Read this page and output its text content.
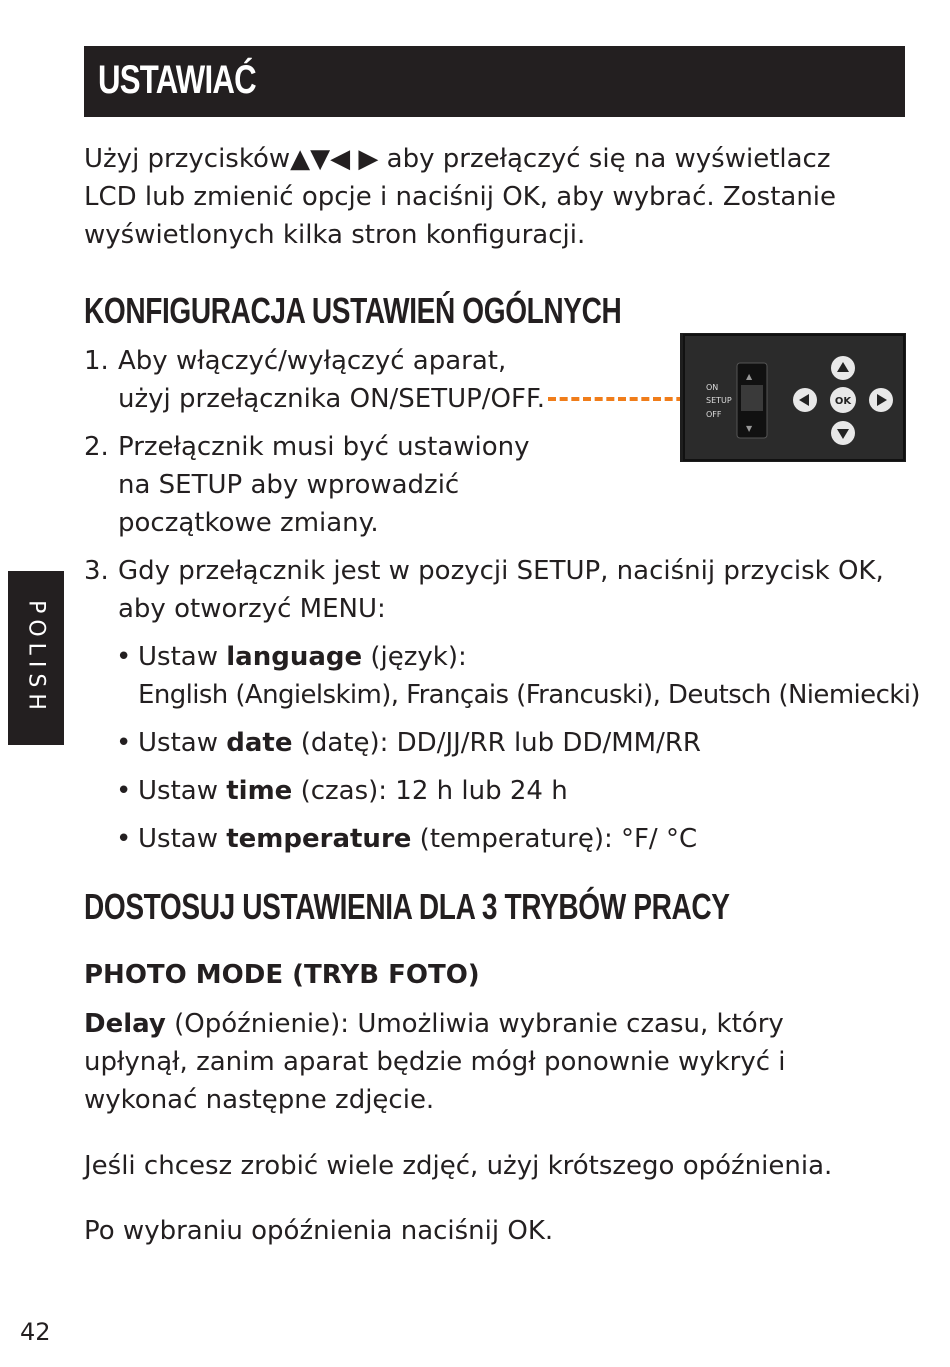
USTAWIAĆ
Użyj przycisków▲▼◀ ▶ aby przełączyć się na wyświetlacz
LCD lub zmienić opcje i naciśnij OK, aby wybrać. Zostanie
wyświetlonych kilka stron konfiguracji.
KONFIGURACJA USTAWIEŃ OGÓLNYCH
1. Aby włączyć/wyłączyć aparat,
użyj przełącznika ON/SETUP/OFF.
2. Przełącznik musi być ustawiony
na SETUP aby wprowadzić
początkowe zmiany.
▲
▼
ON
SETUP
OFF
OK
3. Gdy przełącznik jest w pozycji SETUP, naciśnij przycisk OK,
aby otworzyć MENU:
• Ustaw language (język):
English (Angielskim), Français (Francuski), Deutsch (Niemiecki)
• Ustaw date (datę): DD/JJ/RR lub DD/MM/RR
• Ustaw time (czas): 12 h lub 24 h
• Ustaw temperature (temperaturę): °F/ °C
DOSTOSUJ USTAWIENIA DLA 3 TRYBÓW PRACY
PHOTO MODE (TRYB FOTO)
Delay (Opóźnienie): Umożliwia wybranie czasu, który
upłynął, zanim aparat będzie mógł ponownie wykryć i
wykonać następne zdjęcie.
Jeśli chcesz zrobić wiele zdjęć, użyj krótszego opóźnienia.
Po wybraniu opóźnienia naciśnij OK.
POLISH
42
